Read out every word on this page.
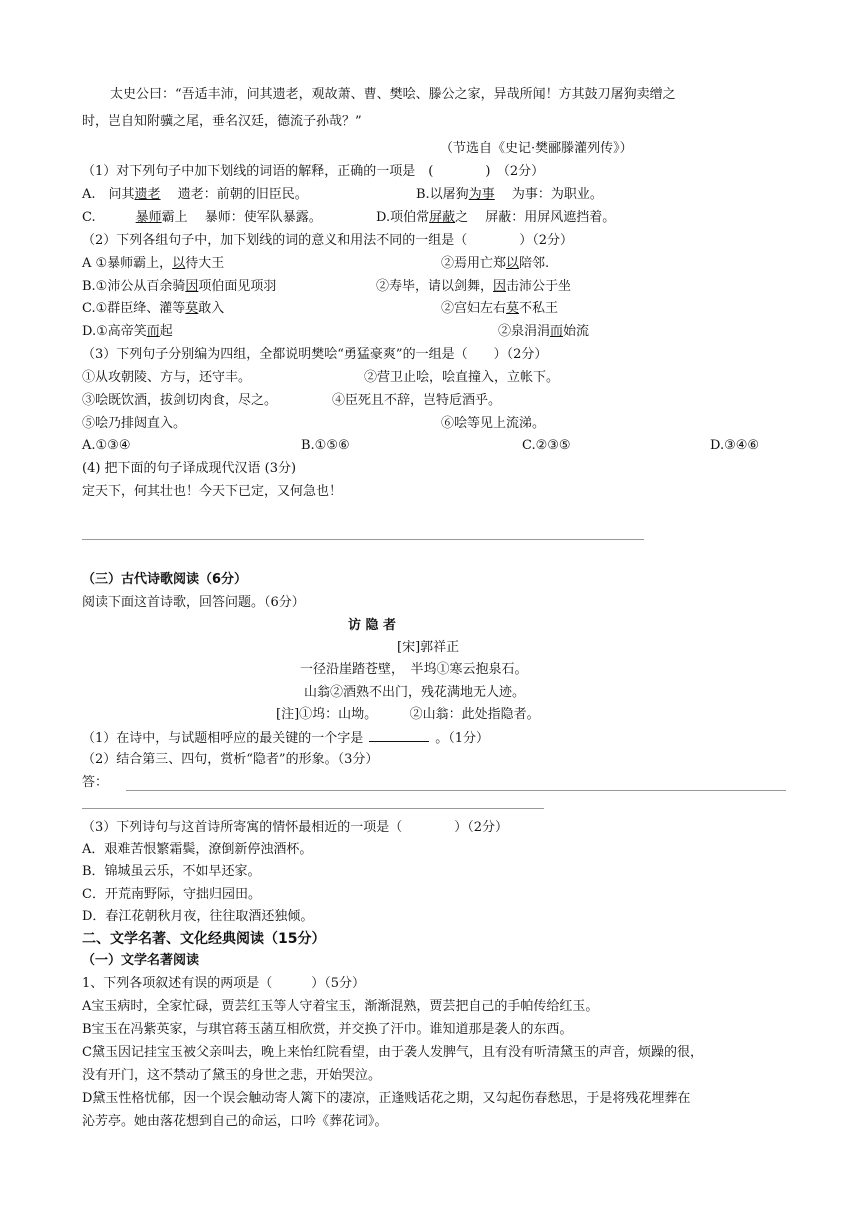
太史公曰：“吾适丰沛，问其遗老，观故萧、曹、樊哙、滕公之家，异哉所闻！方其鼓刀屠狗卖缯之
时，岂自知附骥之尾，垂名汉廷，德流子孙哉？”
（节选自《史记·樊郦滕灌列传》）
（1）对下列句子中加下划线的词语的解释，正确的一项是　(　　　　)　（2分）
A.　问其遗老　 遗老：前朝的旧臣民。	B.以屠狗为事　 为事：为职业。
C.	暴师霸上　 暴师：使军队暴露。	D.项伯常屏蔽之　 屏蔽：用屏风遮挡着。
（2）下列各组句子中，加下划线的词的意义和用法不同的一组是（　　　　）（2分）
A ①暴师霸上，以待大王	②焉用亡郑以陪邻.
B.①沛公从百余骑因项伯面见项羽	②寿毕，请以剑舞，因击沛公于坐
C.①群臣绛、灌等莫敢入	②宫妇左右莫不私王
D.①高帝笑而起	②泉涓涓而始流
（3）下列句子分别编为四组，全都说明樊哙“勇猛豪爽”的一组是（　　）（2分）
①从攻朝陵、方与，还守丰。	②营卫止哙，哙直撞入，立帐下。
③哙既饮酒，拔剑切肉食，尽之。	④臣死且不辞，岂特卮酒乎。
⑤哙乃排闼直入。	⑥哙等见上流涕。
A.①③④	B.①⑤⑥	C.②③⑤	D.③④⑥
(4) 把下面的句子译成现代汉语 (3分)
定天下，何其壮也！今天下已定，又何急也！
（三）古代诗歌阅读（6分）
阅读下面这首诗歌，回答问题。（6分）
访 隐 者
[宋]郭祥正
一径沿崖踏苍壁，　半坞①寒云抱泉石。
山翁②酒熟不出门，残花满地无人迹。
[注]①坞：山坳。　　　②山翁：此处指隐者。
（1）在诗中，与试题相呼应的最关键的一个字是	。（1分）
（2）结合第三、四句，赏析“隐者”的形象。（3分）
答：
（3）下列诗句与这首诗所寄寓的情怀最相近的一项是（　　　　）（2分）
A．艰难苦恨繁霜鬓，潦倒新停浊酒杯。
B．锦城虽云乐，不如早还家。
C．开荒南野际，守拙归园田。
D．春江花朝秋月夜，往往取酒还独倾。
二、文学名著、文化经典阅读（15分）
（一）文学名著阅读
1、下列各项叙述有误的两项是（　　　）（5分）
A宝玉病时，全家忙碌，贾芸红玉等人守着宝玉，渐渐混熟，贾芸把自己的手帕传给红玉。
B宝玉在冯紫英家，与琪官蒋玉菡互相欣赏，并交换了汗巾。谁知道那是袭人的东西。
C黛玉因记挂宝玉被父亲叫去，晚上来怡红院看望，由于袭人发脾气，且有没有听清黛玉的声音，烦躁的很，
没有开门，这不禁动了黛玉的身世之悲，开始哭泣。
D黛玉性格忧郁，因一个误会触动寄人篱下的凄凉，正逢贱话花之期，又勾起伤春愁思，于是将残花埋葬在
沁芳亭。她由落花想到自己的命运，口吟《葬花词》。
